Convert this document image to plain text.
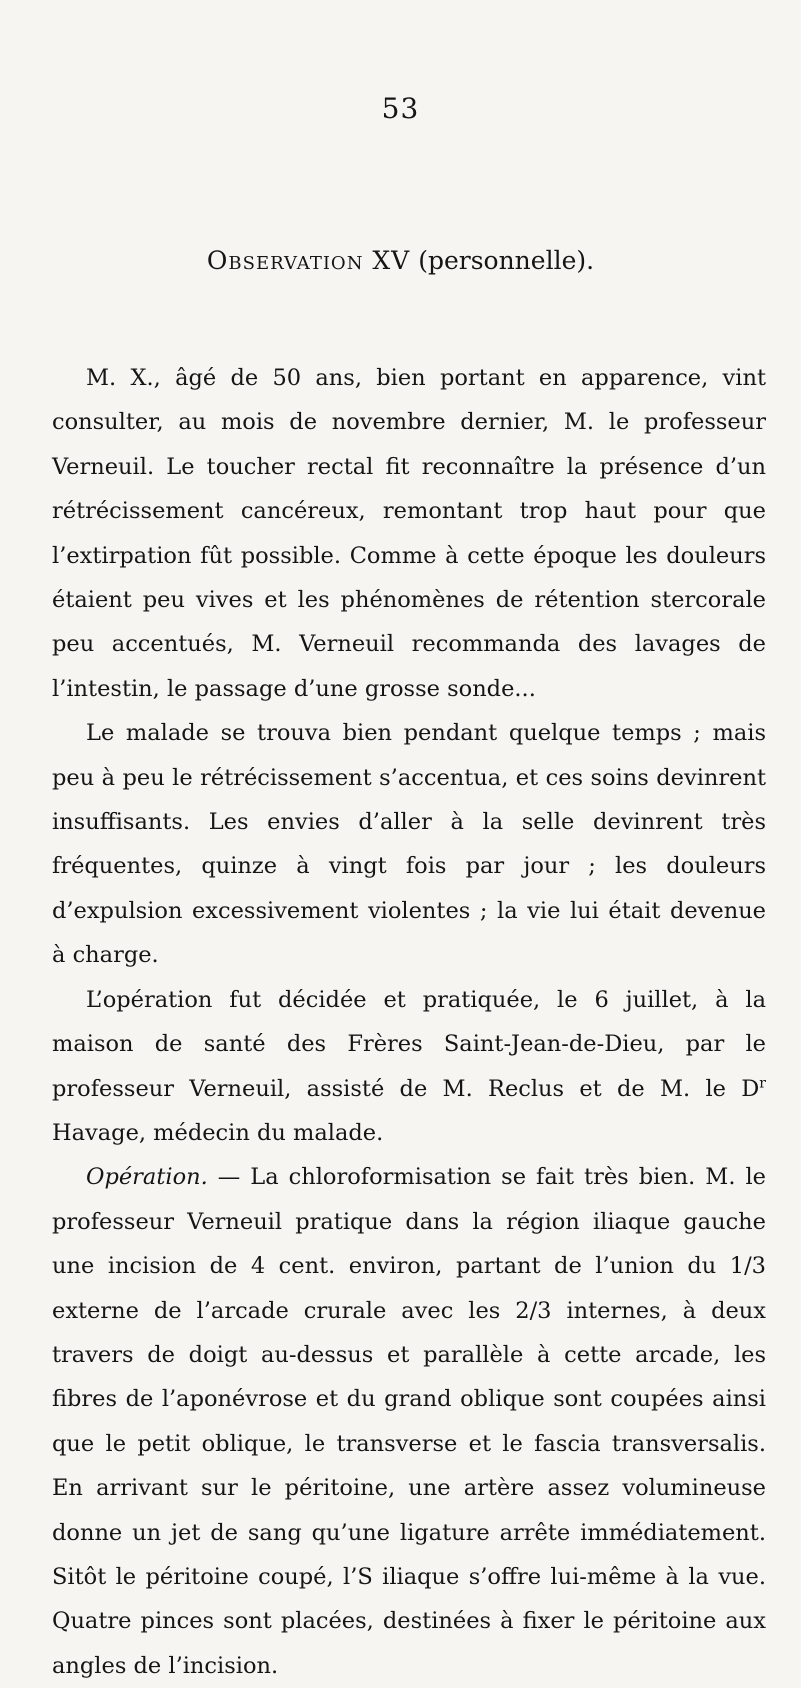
53
Observation XV (personnelle).

M. X., âgé de 50 ans, bien portant en apparence, vint consulter, au mois de novembre dernier, M. le professeur Verneuil. Le toucher rectal fit reconnaître la présence d’un rétrécissement cancéreux, remontant trop haut pour que l’extirpation fût possible. Comme à cette époque les douleurs étaient peu vives et les phénomènes de rétention stercorale peu accentués, M. Verneuil recommanda des lavages de l’intestin, le passage d’une grosse sonde...

Le malade se trouva bien pendant quelque temps ; mais peu à peu le rétrécissement s’accentua, et ces soins devinrent insuffisants. Les envies d’aller à la selle devinrent très fréquentes, quinze à vingt fois par jour ; les douleurs d’expulsion excessivement violentes ; la vie lui était devenue à charge.

L’opération fut décidée et pratiquée, le 6 juillet, à la maison de santé des Frères Saint-Jean-de-Dieu, par le professeur Verneuil, assisté de M. Reclus et de M. le $D^r$ Havage, médecin du malade.

Opération. — La chloroformisation se fait très bien. M. le professeur Verneuil pratique dans la région iliaque gauche une incision de 4 cent. environ, partant de l’union du 1/3 externe de l’arcade crurale avec les 2/3 internes, à deux travers de doigt au-dessus et parallèle à cette arcade, les fibres de l’aponévrose et du grand oblique sont coupées ainsi que le petit oblique, le transverse et le fascia transversalis. En arrivant sur le péritoine, une artère assez volumineuse donne un jet de sang qu’une ligature arrête immédiatement. Sitôt le péritoine coupé, l’S iliaque s’offre lui-même à la vue. Quatre pinces sont placées, destinées à fixer le péritoine aux angles de l’incision.
